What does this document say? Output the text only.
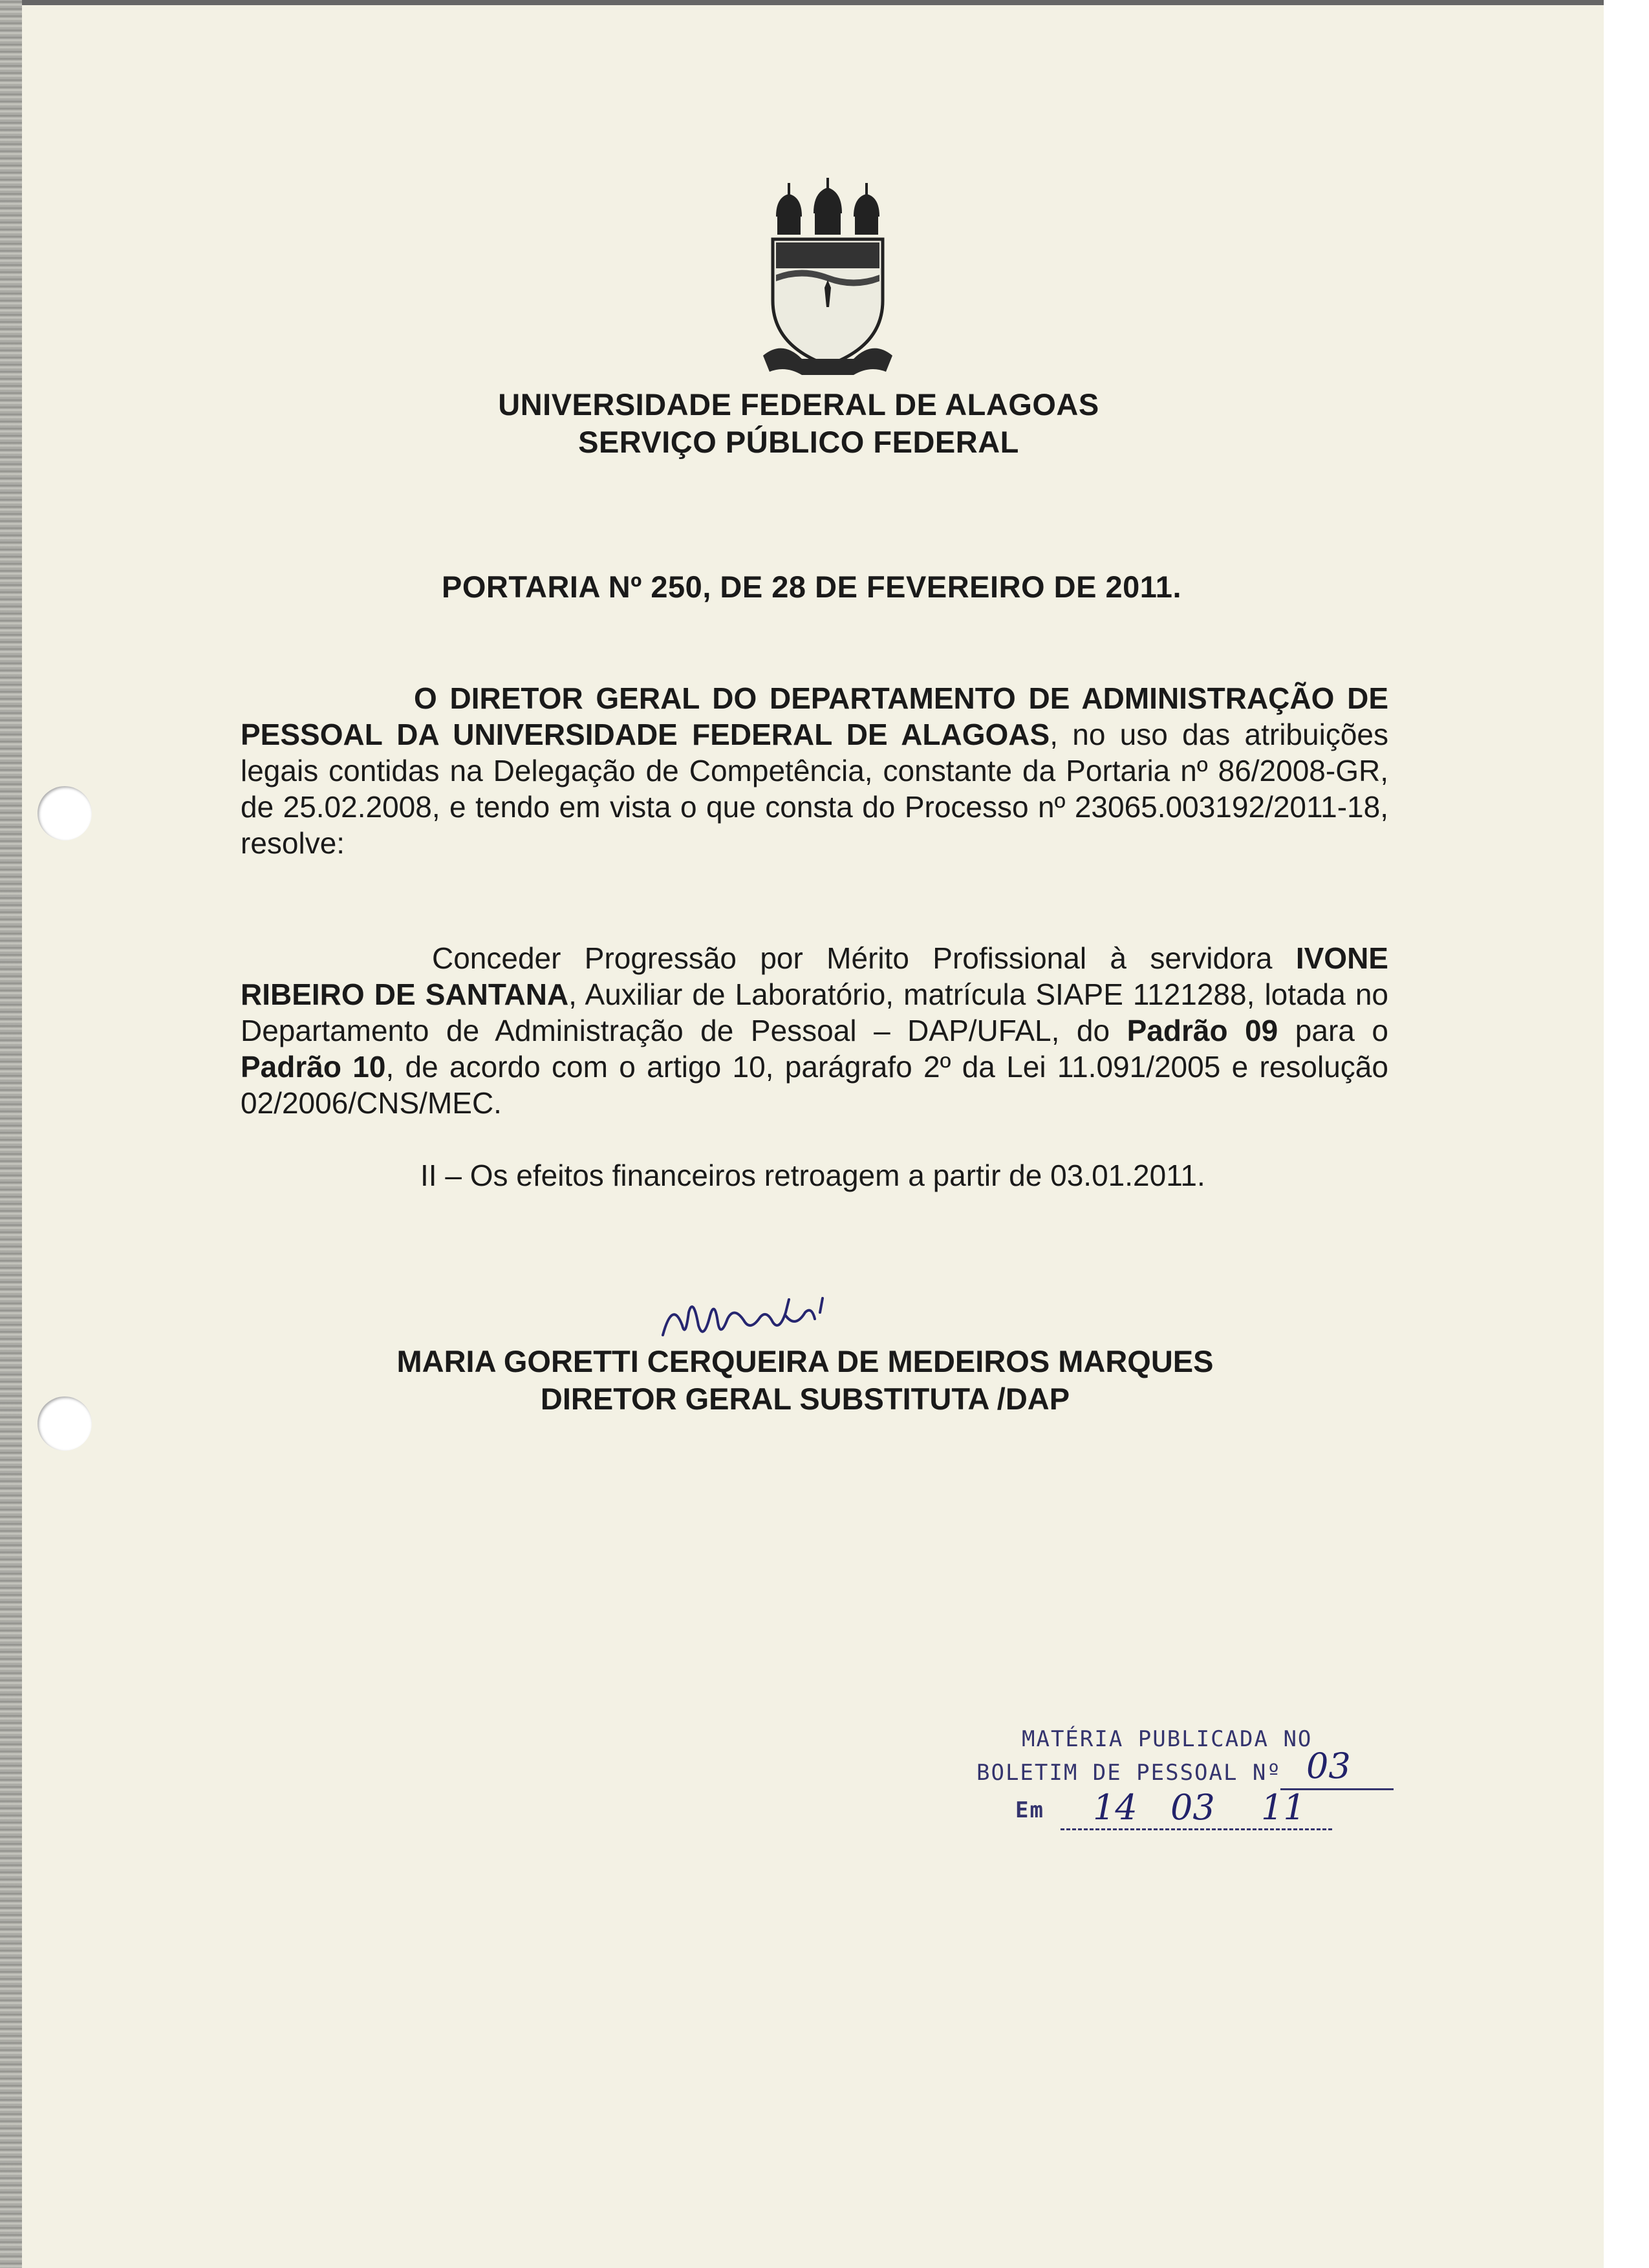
UNIVERSIDADE FEDERAL DE ALAGOAS
SERVIÇO PÚBLICO FEDERAL
PORTARIA Nº 250, DE 28 DE FEVEREIRO DE 2011.
O DIRETOR GERAL DO DEPARTAMENTO DE ADMINISTRAÇÃO DE PESSOAL DA UNIVERSIDADE FEDERAL DE ALAGOAS, no uso das atribuições legais contidas na Delegação de Competência, constante da Portaria nº 86/2008-GR, de 25.02.2008, e tendo em vista o que consta do Processo nº 23065.003192/2011-18, resolve:
Conceder Progressão por Mérito Profissional à servidora IVONE RIBEIRO DE SANTANA, Auxiliar de Laboratório, matrícula SIAPE 1121288, lotada no Departamento de Administração de Pessoal – DAP/UFAL, do Padrão 09 para o Padrão 10, de acordo com o artigo 10, parágrafo 2º da Lei 11.091/2005 e resolução 02/2006/CNS/MEC.
II – Os efeitos financeiros retroagem a partir de 03.01.2011.
MARIA GORETTI CERQUEIRA DE MEDEIROS MARQUES
DIRETOR GERAL SUBSTITUTA /DAP
MATÉRIA PUBLICADA NO
BOLETIM DE PESSOAL Nº
Em
03
14 03 11
